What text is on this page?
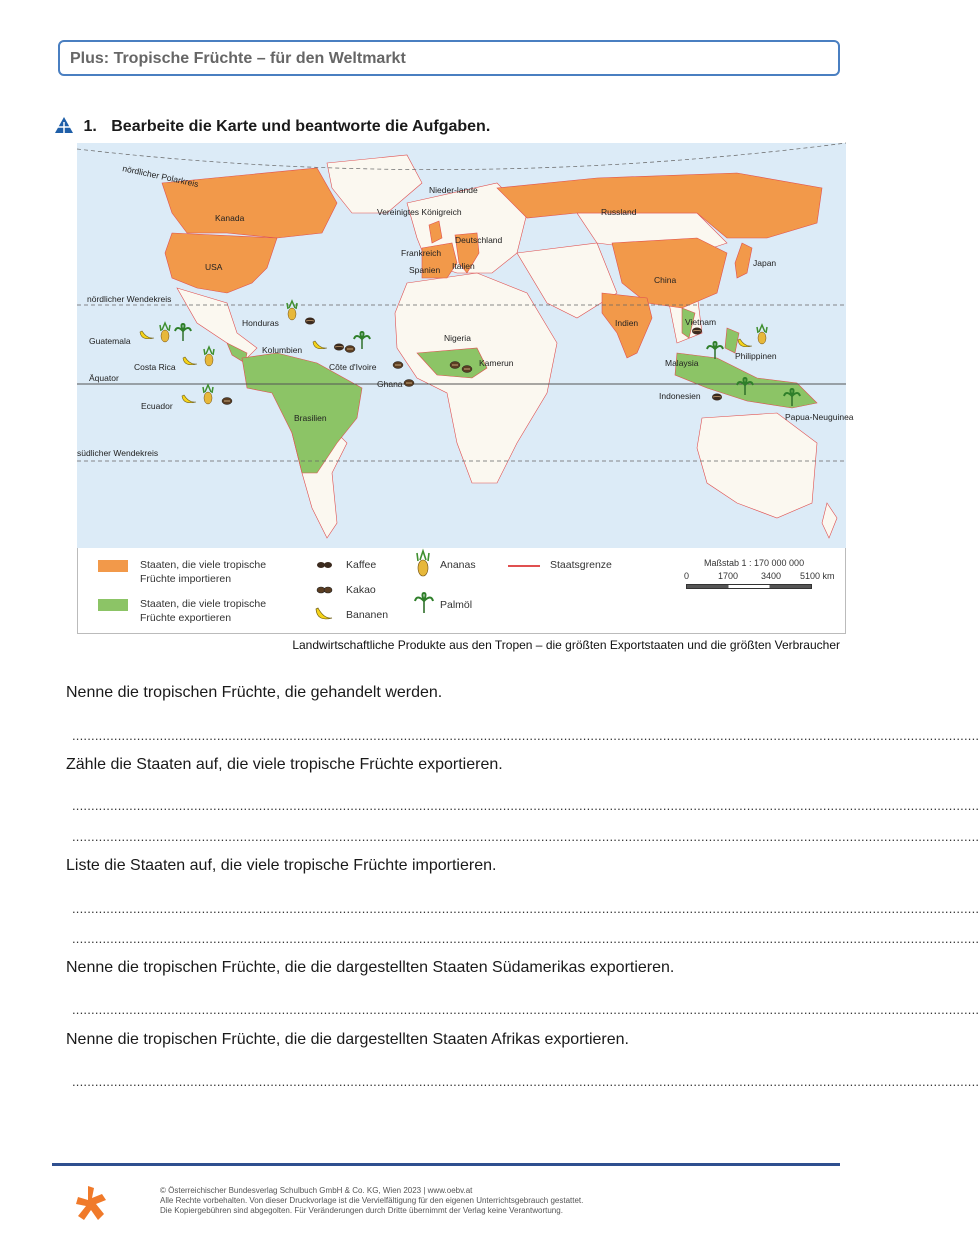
Plus: Tropische Früchte – für den Weltmarkt
1. Bearbeite die Karte und beantworte die Aufgaben.
nördlicher Polarkreis
nördlicher Wendekreis
Äquator
südlicher Wendekreis
Kanada
USA
Vereinigtes Königreich
Nieder-lande
Deutschland
Frankreich
Spanien Italien
Russland
China
Japan
Indien
Guatemala
Honduras
Costa Rica
Kolumbien
Ecuador
Brasilien
Côte d'Ivoire
Ghana
Nigeria
Kamerun
Vietnam
Philippinen
Malaysia
Indonesien
Papua-Neuguinea
Staaten, die viele tropische Früchte importieren
Staaten, die viele tropische Früchte exportieren
Kaffee
Kakao
Bananen
Ananas
Palmöl
Staatsgrenze	Maßstab 1 : 170 000 000
0	1700	3400 5100 km
Landwirtschaftliche Produkte aus den Tropen – die größten Exportstaaten und die größten Verbraucher
Nenne die tropischen Früchte, die gehandelt werden.
..............................................................................................................................................................................................................................................
Zähle die Staaten auf, die viele tropische Früchte exportieren.
..............................................................................................................................................................................................................................................
..............................................................................................................................................................................................................................................
Liste die Staaten auf, die viele tropische Früchte importieren.
..............................................................................................................................................................................................................................................
..............................................................................................................................................................................................................................................
Nenne die tropischen Früchte, die die dargestellten Staaten Südamerikas exportieren.
..............................................................................................................................................................................................................................................
Nenne die tropischen Früchte, die die dargestellten Staaten Afrikas exportieren.
..............................................................................................................................................................................................................................................
© Österreichischer Bundesverlag Schulbuch GmbH & Co. KG, Wien 2023 | www.oebv.at
Alle Rechte vorbehalten. Von dieser Druckvorlage ist die Vervielfältigung für den eigenen Unterrichtsgebrauch gestattet.
Die Kopiergebühren sind abgegolten. Für Veränderungen durch Dritte übernimmt der Verlag keine Verantwortung.
